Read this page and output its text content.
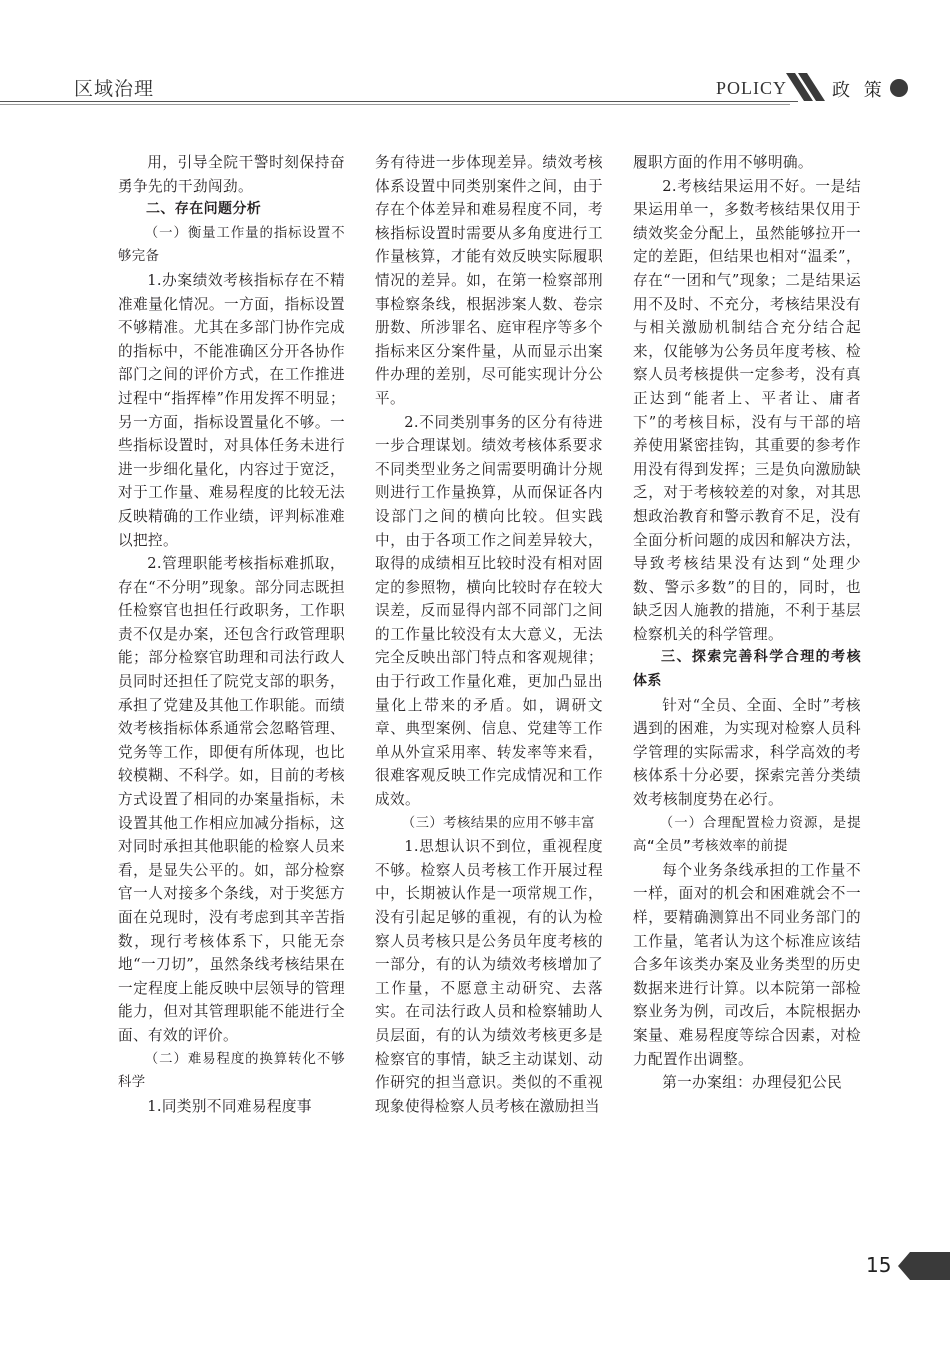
区域治理	POLICY 政 策

用，引导全院干警时刻保持奋勇争先的干劲闯劲。

二、存在问题分析

（一）衡量工作量的指标设置不够完备

1.办案绩效考核指标存在不精准难量化情况。一方面，指标设置不够精准。尤其在多部门协作完成的指标中，不能准确区分开各协作部门之间的评价方式，在工作推进过程中“指挥棒”作用发挥不明显；另一方面，指标设置量化不够。一些指标设置时，对具体任务未进行进一步细化量化，内容过于宽泛，对于工作量、难易程度的比较无法反映精确的工作业绩，评判标准难以把控。

2.管理职能考核指标难抓取，存在“不分明”现象。部分同志既担任检察官也担任行政职务，工作职责不仅是办案，还包含行政管理职能；部分检察官助理和司法行政人员同时还担任了院党支部的职务，承担了党建及其他工作职能。而绩效考核指标体系通常会忽略管理、党务等工作，即便有所体现，也比较模糊、不科学。如，目前的考核方式设置了相同的办案量指标，未设置其他工作相应加减分指标，这对同时承担其他职能的检察人员来看，是显失公平的。如，部分检察官一人对接多个条线，对于奖惩方面在兑现时，没有考虑到其辛苦指数，现行考核体系下，只能无奈地“一刀切”，虽然条线考核结果在一定程度上能反映中层领导的管理能力，但对其管理职能不能进行全面、有效的评价。

（二）难易程度的换算转化不够科学

1.同类别不同难易程度事

务有待进一步体现差异。绩效考核体系设置中同类别案件之间，由于存在个体差异和难易程度不同，考核指标设置时需要从多角度进行工作量核算，才能有效反映实际履职情况的差异。如，在第一检察部刑事检察条线，根据涉案人数、卷宗册数、所涉罪名、庭审程序等多个指标来区分案件量，从而显示出案件办理的差别，尽可能实现计分公平。

2.不同类别事务的区分有待进一步合理谋划。绩效考核体系要求不同类型业务之间需要明确计分规则进行工作量换算，从而保证各内设部门之间的横向比较。但实践中，由于各项工作之间差异较大，取得的成绩相互比较时没有相对固定的参照物，横向比较时存在较大误差，反而显得内部不同部门之间的工作量比较没有太大意义，无法完全反映出部门特点和客观规律；由于行政工作量化难，更加凸显出量化上带来的矛盾。如，调研文章、典型案例、信息、党建等工作单从外宣采用率、转发率等来看，很难客观反映工作完成情况和工作成效。

（三）考核结果的应用不够丰富

1.思想认识不到位，重视程度不够。检察人员考核工作开展过程中，长期被认作是一项常规工作，没有引起足够的重视，有的认为检察人员考核只是公务员年度考核的一部分，有的认为绩效考核增加了工作量，不愿意主动研究、去落实。在司法行政人员和检察辅助人员层面，有的认为绩效考核更多是检察官的事情，缺乏主动谋划、动作研究的担当意识。类似的不重视现象使得检察人员考核在激励担当

履职方面的作用不够明确。

2.考核结果运用不好。一是结果运用单一，多数考核结果仅用于绩效奖金分配上，虽然能够拉开一定的差距，但结果也相对“温柔”，存在“一团和气”现象；二是结果运用不及时、不充分，考核结果没有与相关激励机制结合充分结合起来，仅能够为公务员年度考核、检察人员考核提供一定参考，没有真正达到“能者上、平者让、庸者下”的考核目标，没有与干部的培养使用紧密挂钩，其重要的参考作用没有得到发挥；三是负向激励缺乏，对于考核较差的对象，对其思想政治教育和警示教育不足，没有全面分析问题的成因和解决方法，导致考核结果没有达到“处理少数、警示多数”的目的，同时，也缺乏因人施教的措施，不利于基层检察机关的科学管理。

三、探索完善科学合理的考核体系

针对“全员、全面、全时”考核遇到的困难，为实现对检察人员科学管理的实际需求，科学高效的考核体系十分必要，探索完善分类绩效考核制度势在必行。

（一）合理配置检力资源，是提高“全员”考核效率的前提

每个业务条线承担的工作量不一样，面对的机会和困难就会不一样，要精确测算出不同业务部门的工作量，笔者认为这个标准应该结合多年该类办案及业务类型的历史数据来进行计算。以本院第一部检察业务为例，司改后，本院根据办案量、难易程度等综合因素，对检力配置作出调整。

第一办案组：办理侵犯公民

15
